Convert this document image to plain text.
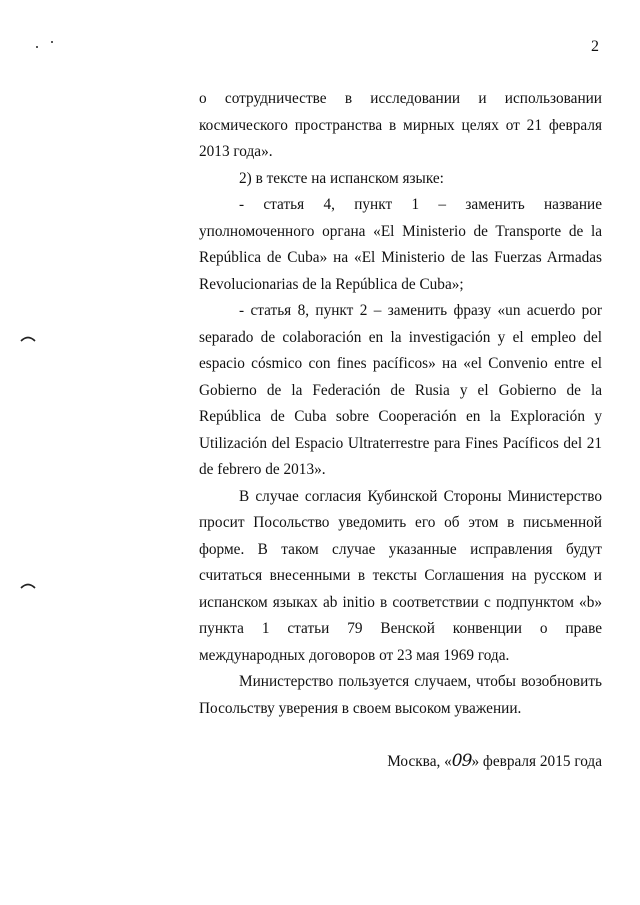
2

о сотрудничестве в исследовании и использовании космического пространства в мирных целях от 21 февраля 2013 года».

2) в тексте на испанском языке:

- статья 4, пункт 1 – заменить название уполномоченного органа «El Ministerio de Transporte de la República de Cuba» на «El Ministerio de las Fuerzas Armadas Revolucionarias de la República de Cuba»;

- статья 8, пункт 2 – заменить фразу «un acuerdo por separado de colaboración en la investigación y el empleo del espacio cósmico con fines pacíficos» на «el Convenio entre el Gobierno de la Federación de Rusia y el Gobierno de la República de Cuba sobre Cooperación en la Exploración y Utilización del Espacio Ultraterrestre para Fines Pacíficos del 21 de febrero de 2013».

В случае согласия Кубинской Стороны Министерство просит Посольство уведомить его об этом в письменной форме. В таком случае указанные исправления будут считаться внесенными в тексты Соглашения на русском и испанском языках ab initio в соответствии с подпунктом «b» пункта 1 статьи 79 Венской конвенции о праве международных договоров от 23 мая 1969 года.

Министерство пользуется случаем, чтобы возобновить Посольству уверения в своем высоком уважении.

Москва, «09» февраля 2015 года
